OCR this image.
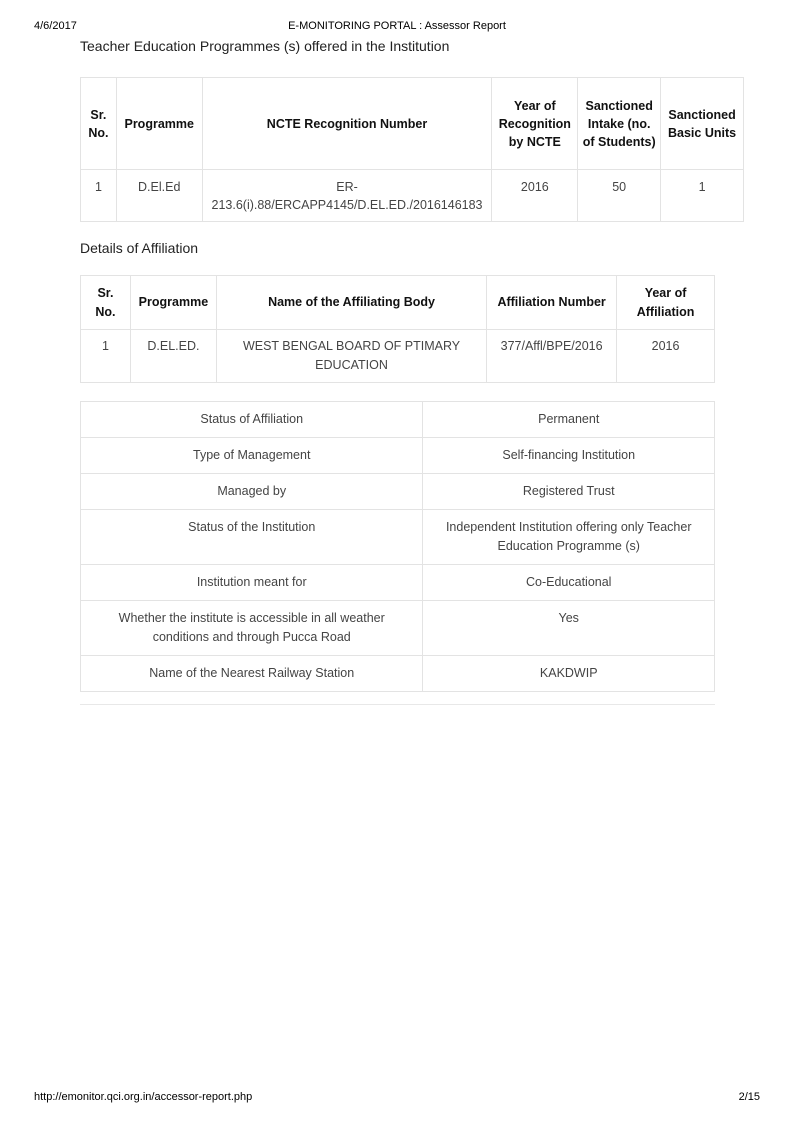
4/6/2017	E-MONITORING PORTAL : Assessor Report
Teacher Education Programmes (s) offered in the Institution
Sr. No.	Programme	NCTE Recognition Number	Year of Recognition by NCTE	Sanctioned Intake (no. of Students)	Sanctioned Basic Units
1	D.El.Ed	ER-
213.6(i).88/ERCAPP4145/D.EL.ED./2016146183	2016	50	1
Details of Affiliation
Sr. No.	Programme	Name of the Affiliating Body	Affiliation Number	Year of Affiliation
1	D.EL.ED.	WEST BENGAL BOARD OF PTIMARY EDUCATION	377/Affl/BPE/2016	2016
Status of Affiliation	Permanent
Type of Management	Self-financing Institution
Managed by	Registered Trust
Status of the Institution	Independent Institution offering only Teacher Education Programme (s)
Institution meant for	Co-Educational
Whether the institute is accessible in all weather conditions and through Pucca Road	Yes
Name of the Nearest Railway Station	KAKDWIP
http://emonitor.qci.org.in/accessor-report.php	2/15
